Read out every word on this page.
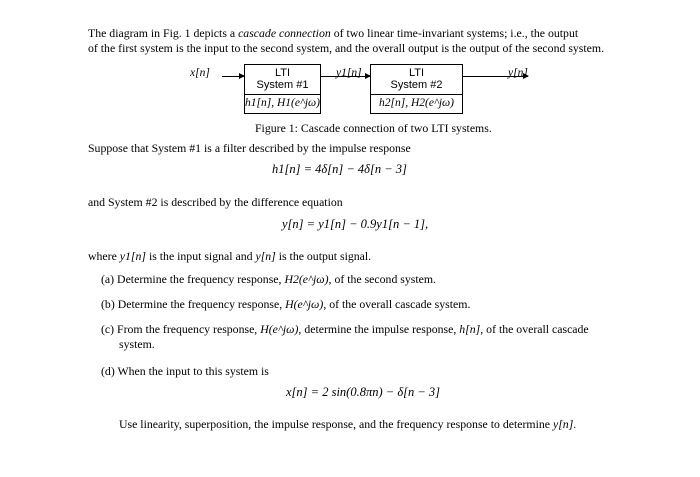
The diagram in Fig. 1 depicts a cascade connection of two linear time-invariant systems; i.e., the output
of the first system is the input to the second system, and the overall output is the output of the second system.
x[n]	LTI
System #1
h1[n], H1(e^jω)
y1[n]	LTI
System #2
h2[n], H2(e^jω)
y[n]
Figure 1: Cascade connection of two LTI systems.
Suppose that System #1 is a filter described by the impulse response
h1[n] = 4δ[n] − 4δ[n − 3]
and System #2 is described by the difference equation
y[n] = y1[n] − 0.9y1[n − 1],
where y1[n] is the input signal and y[n] is the output signal.
(a) Determine the frequency response, H2(e^jω), of the second system.
(b) Determine the frequency response, H(e^jω), of the overall cascade system.
(c) From the frequency response, H(e^jω), determine the impulse response, h[n], of the overall cascade
system.
(d) When the input to this system is
x[n] = 2 sin(0.8πn) − δ[n − 3]
Use linearity, superposition, the impulse response, and the frequency response to determine y[n].
